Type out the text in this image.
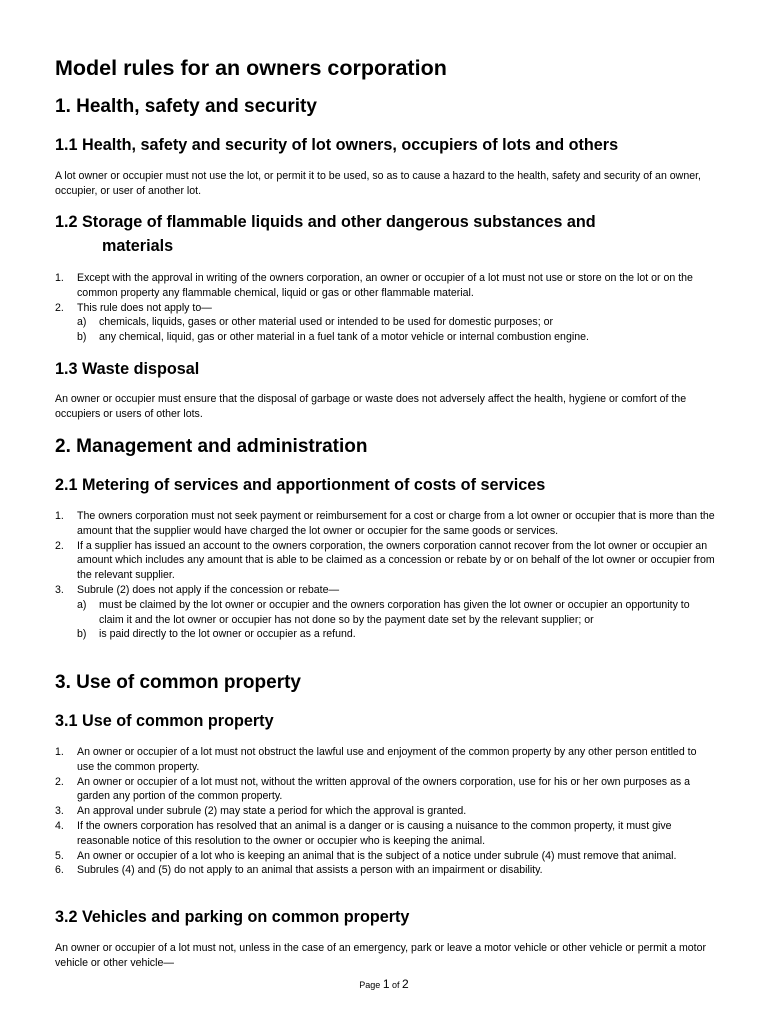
Model rules for an owners corporation
1. Health, safety and security
1.1 Health, safety and security of lot owners, occupiers of lots and others

A lot owner or occupier must not use the lot, or permit it to be used, so as to cause a hazard to the health, safety and security of an owner, occupier, or user of another lot.

1.2 Storage of flammable liquids and other dangerous substances and
materials
1. Except with the approval in writing of the owners corporation, an owner or occupier of a lot must not use or store on the lot or on the common property any flammable chemical, liquid or gas or other flammable material.
2. This rule does not apply to—
a) chemicals, liquids, gases or other material used or intended to be used for domestic purposes; or
b) any chemical, liquid, gas or other material in a fuel tank of a motor vehicle or internal combustion engine.
1.3 Waste disposal

An owner or occupier must ensure that the disposal of garbage or waste does not adversely affect the health, hygiene or comfort of the occupiers or users of other lots.

2. Management and administration
2.1 Metering of services and apportionment of costs of services
1. The owners corporation must not seek payment or reimbursement for a cost or charge from a lot owner or occupier that is more than the amount that the supplier would have charged the lot owner or occupier for the same goods or services.
2. If a supplier has issued an account to the owners corporation, the owners corporation cannot recover from the lot owner or occupier an amount which includes any amount that is able to be claimed as a concession or rebate by or on behalf of the lot owner or occupier from the relevant supplier.
3. Subrule (2) does not apply if the concession or rebate—
a) must be claimed by the lot owner or occupier and the owners corporation has given the lot owner or occupier an opportunity to claim it and the lot owner or occupier has not done so by the payment date set by the relevant supplier; or
b) is paid directly to the lot owner or occupier as a refund.
3. Use of common property
3.1 Use of common property
1. An owner or occupier of a lot must not obstruct the lawful use and enjoyment of the common property by any other person entitled to use the common property.
2. An owner or occupier of a lot must not, without the written approval of the owners corporation, use for his or her own purposes as a garden any portion of the common property.
3. An approval under subrule (2) may state a period for which the approval is granted.
4. If the owners corporation has resolved that an animal is a danger or is causing a nuisance to the common property, it must give reasonable notice of this resolution to the owner or occupier who is keeping the animal.
5. An owner or occupier of a lot who is keeping an animal that is the subject of a notice under subrule (4) must remove that animal.
6. Subrules (4) and (5) do not apply to an animal that assists a person with an impairment or disability.
3.2 Vehicles and parking on common property

An owner or occupier of a lot must not, unless in the case of an emergency, park or leave a motor vehicle or other vehicle or permit a motor vehicle or other vehicle—

Page 1 of 2
